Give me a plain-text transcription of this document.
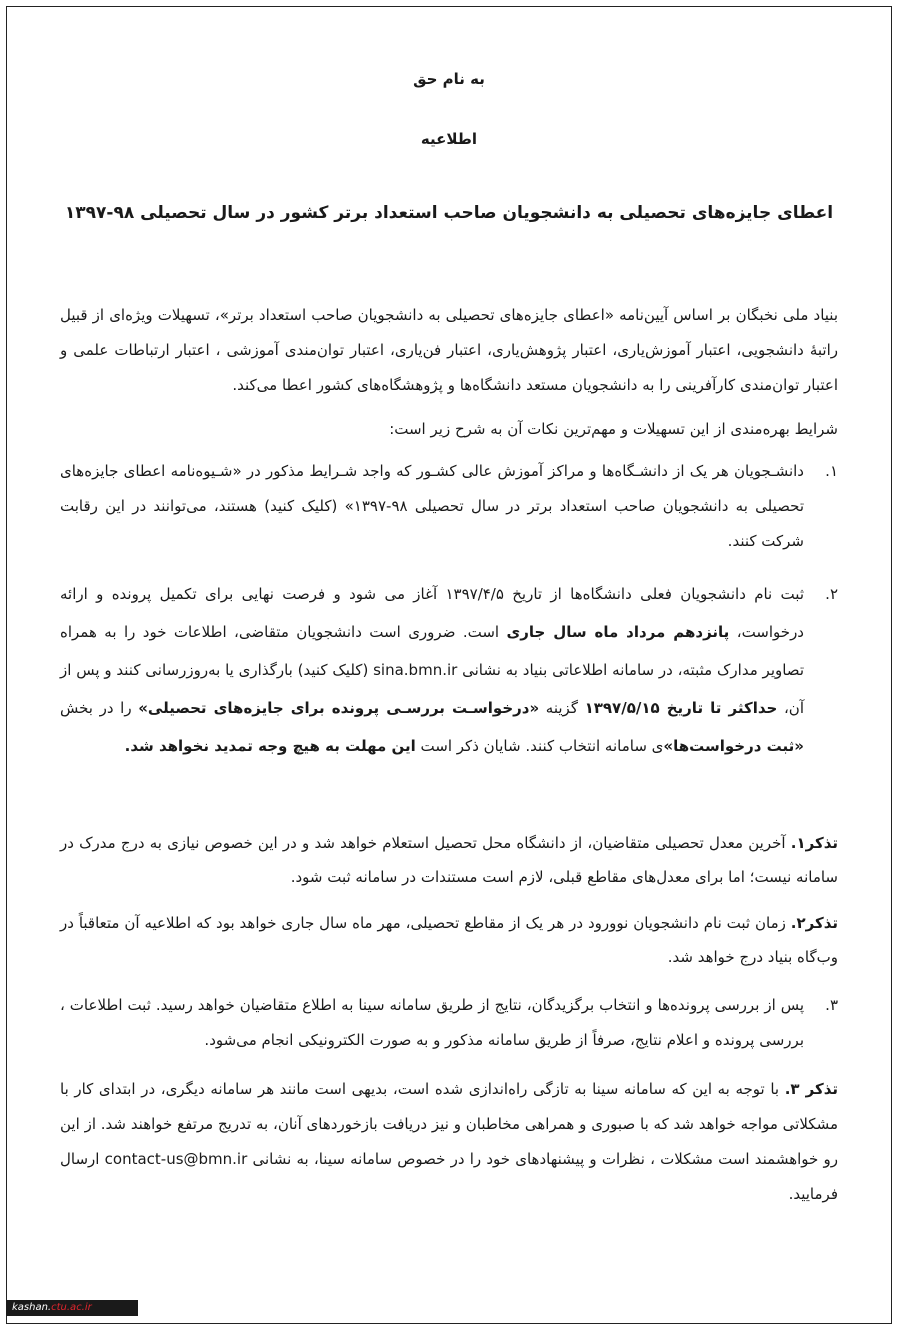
به نام حق
اطلاعیه
اعطای جایزه‌های تحصیلی به دانشجویان صاحب استعداد برتر کشور در سال تحصیلی ۹۸-۱۳۹۷
بنیاد ملی نخبگان بر اساس آیین‌نامه «اعطای جایزه‌های تحصیلی به دانشجویان صاحب استعداد برتر»، تسهیلات ویژه‌ای از قبیل راتبهٔ دانشجویی، اعتبار آموزش‌یاری، اعتبار پژوهش‌یاری، اعتبار فن‌یاری، اعتبار توان‌مندی آموزشی ، اعتبار ارتباطات علمی و اعتبار توان‌مندی کارآفرینی را به دانشجویان مستعد دانشگاه‌ها و پژوهشگاه‌های کشور اعطا می‌کند.
شرایط بهره‌مندی از این تسهیلات و مهم‌ترین نکات آن به شرح زیر است:
۱.
دانشـجویان هر یک از دانشـگاه‌ها و مراکز آموزش عالی کشـور که واجد شـرایط مذکور در «شـیوه‌نامه اعطای جایزه‌های تحصیلی به دانشجویان صاحب استعداد برتر در سال تحصیلی ۹۸-۱۳۹۷» (کلیک کنید) هستند، می‌توانند در این رقابت شرکت کنند.
۲.
ثبت نام دانشجویان فعلی دانشگاه‌ها از تاریخ ۱۳۹۷/۴/۵ آغاز می شود و فرصت نهایی برای تکمیل پرونده و ارائه درخواست، پانزدهم مرداد ماه سال جاری است. ضروری است دانشجویان متقاضی، اطلاعات خود را به همراه تصاویر مدارک مثبته، در سامانه اطلاعاتی بنیاد به نشانی sina.bmn.ir (کلیک کنید) بارگذاری یا به‌روزرسانی کنند و پس از آن، حداکثر تا تاریخ ۱۳۹۷/۵/۱۵ گزینه «درخواسـت بررسـی پرونده برای جایزه‌های تحصیلی» را در بخش «ثبت درخواست‌ها»ی سامانه انتخاب کنند. شایان ذکر است این مهلت به هیچ وجه تمدید نخواهد شد.
تذکر۱. آخرین معدل تحصیلی متقاضیان، از دانشگاه محل تحصیل استعلام خواهد شد و در این خصوص نیازی به درج مدرک در سامانه نیست؛ اما برای معدل‌های مقاطع قبلی، لازم است مستندات در سامانه ثبت شود.
تذکر۲. زمان ثبت نام دانشجویان نوورود در هر یک از مقاطع تحصیلی، مهر ماه سال جاری خواهد بود که اطلاعیه آن متعاقباً در وب‌گاه بنیاد درج خواهد شد.
۳.
پس از بررسی پرونده‌ها و انتخاب برگزیدگان، نتایج از طریق سامانه سینا به اطلاع متقاضیان خواهد رسید. ثبت اطلاعات ، بررسی پرونده و اعلام نتایج، صرفاً از طریق سامانه مذکور و به صورت الکترونیکی انجام می‌شود.
تذکر ۳. با توجه به این که سامانه سینا به تازگی راه‌اندازی شده است، بدیهی است مانند هر سامانه دیگری، در ابتدای کار با مشکلاتی مواجه خواهد شد که با صبوری و همراهی مخاطبان و نیز دریافت بازخوردهای آنان، به تدریج مرتفع خواهند شد. از این رو خواهشمند است مشکلات ، نظرات و پیشنهادهای خود را در خصوص سامانه سینا، به نشانی contact-us@bmn.ir ارسال فرمایید.
kashan.ctu.ac.ir
